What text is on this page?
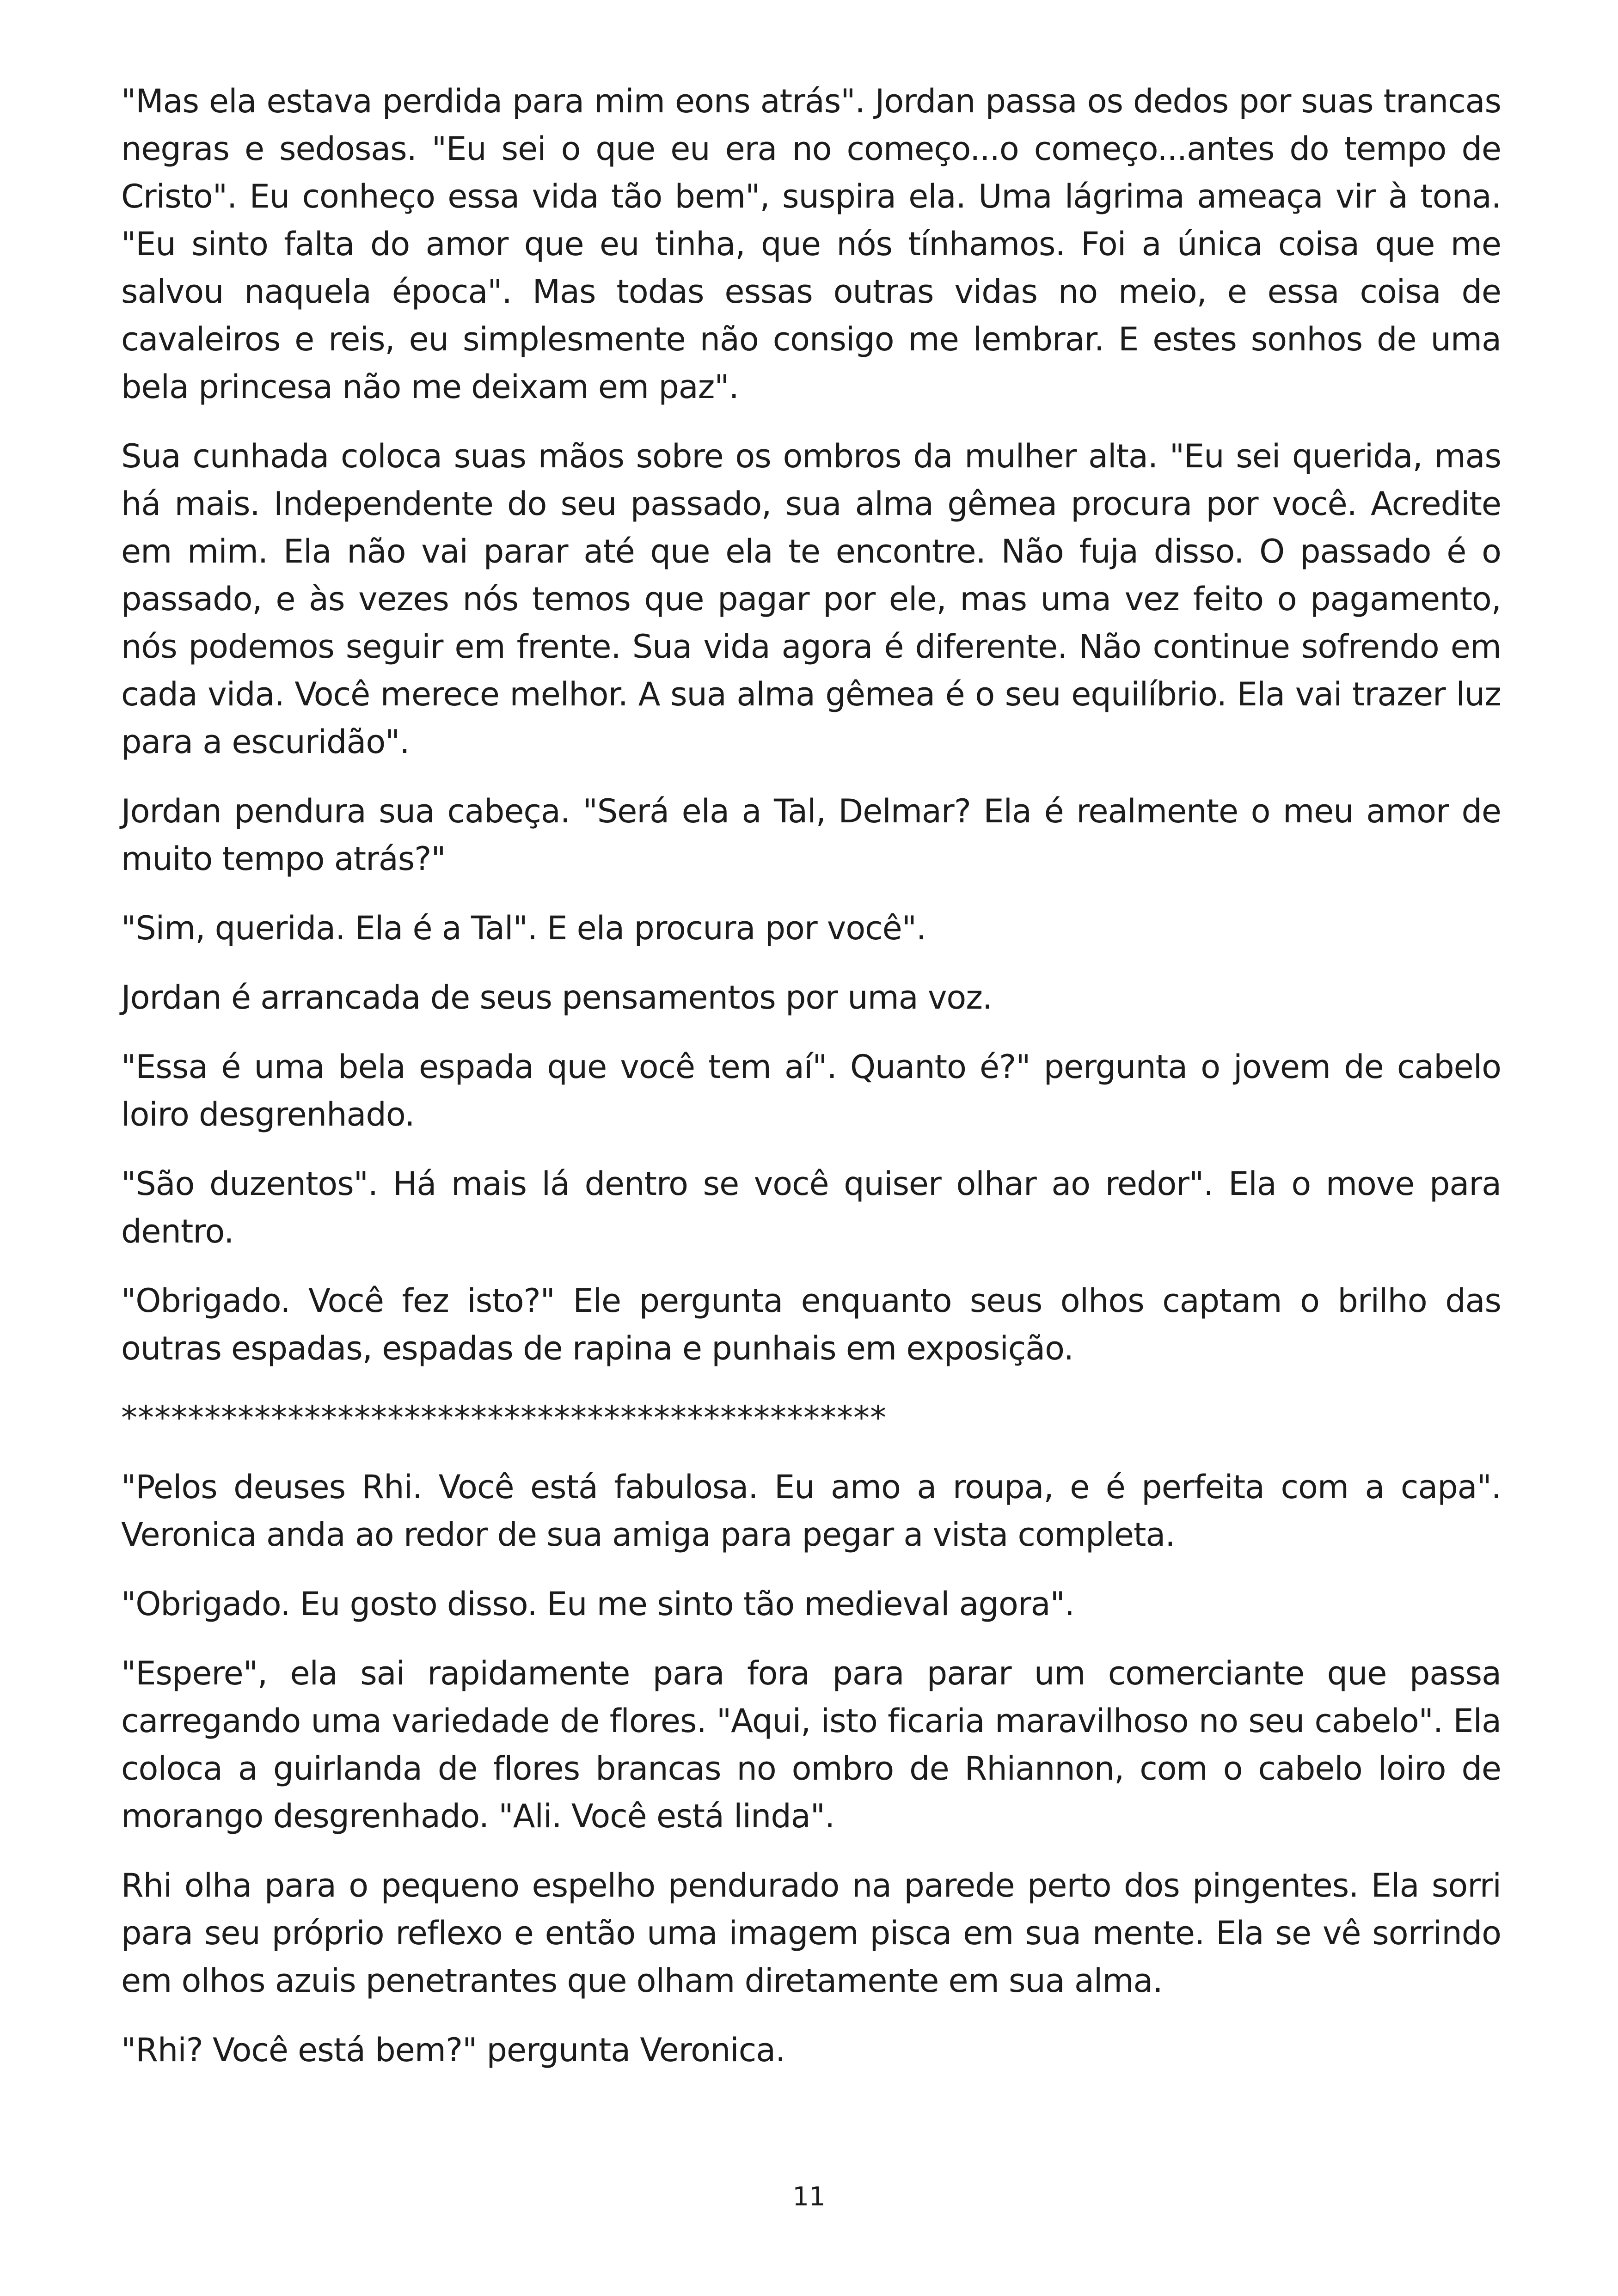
"Mas ela estava perdida para mim eons atrás". Jordan passa os dedos por suas trancas negras e sedosas. "Eu sei o que eu era no começo...o começo...antes do tempo de Cristo". Eu conheço essa vida tão bem", suspira ela. Uma lágrima ameaça vir à tona. "Eu sinto falta do amor que eu tinha, que nós tínhamos. Foi a única coisa que me salvou naquela época". Mas todas essas outras vidas no meio, e essa coisa de cavaleiros e reis, eu simplesmente não consigo me lembrar. E estes sonhos de uma bela princesa não me deixam em paz".

Sua cunhada coloca suas mãos sobre os ombros da mulher alta. "Eu sei querida, mas há mais. Independente do seu passado, sua alma gêmea procura por você. Acredite em mim. Ela não vai parar até que ela te encontre. Não fuja disso. O passado é o passado, e às vezes nós temos que pagar por ele, mas uma vez feito o pagamento, nós podemos seguir em frente. Sua vida agora é diferente. Não continue sofrendo em cada vida. Você merece melhor. A sua alma gêmea é o seu equilíbrio. Ela vai trazer luz para a escuridão".

Jordan pendura sua cabeça. "Será ela a Tal, Delmar? Ela é realmente o meu amor de muito tempo atrás?"

"Sim, querida. Ela é a Tal". E ela procura por você".

Jordan é arrancada de seus pensamentos por uma voz.

"Essa é uma bela espada que você tem aí". Quanto é?" pergunta o jovem de cabelo loiro desgrenhado.

"São duzentos". Há mais lá dentro se você quiser olhar ao redor". Ela o move para dentro.

"Obrigado. Você fez isto?" Ele pergunta enquanto seus olhos captam o brilho das outras espadas, espadas de rapina e punhais em exposição.

**********************************************

"Pelos deuses Rhi. Você está fabulosa. Eu amo a roupa, e é perfeita com a capa". Veronica anda ao redor de sua amiga para pegar a vista completa.

"Obrigado. Eu gosto disso. Eu me sinto tão medieval agora".

"Espere", ela sai rapidamente para fora para parar um comerciante que passa carregando uma variedade de flores. "Aqui, isto ficaria maravilhoso no seu cabelo". Ela coloca a guirlanda de flores brancas no ombro de Rhiannon, com o cabelo loiro de morango desgrenhado. "Ali. Você está linda".

Rhi olha para o pequeno espelho pendurado na parede perto dos pingentes. Ela sorri para seu próprio reflexo e então uma imagem pisca em sua mente. Ela se vê sorrindo em olhos azuis penetrantes que olham diretamente em sua alma.

"Rhi? Você está bem?" pergunta Veronica.

11
